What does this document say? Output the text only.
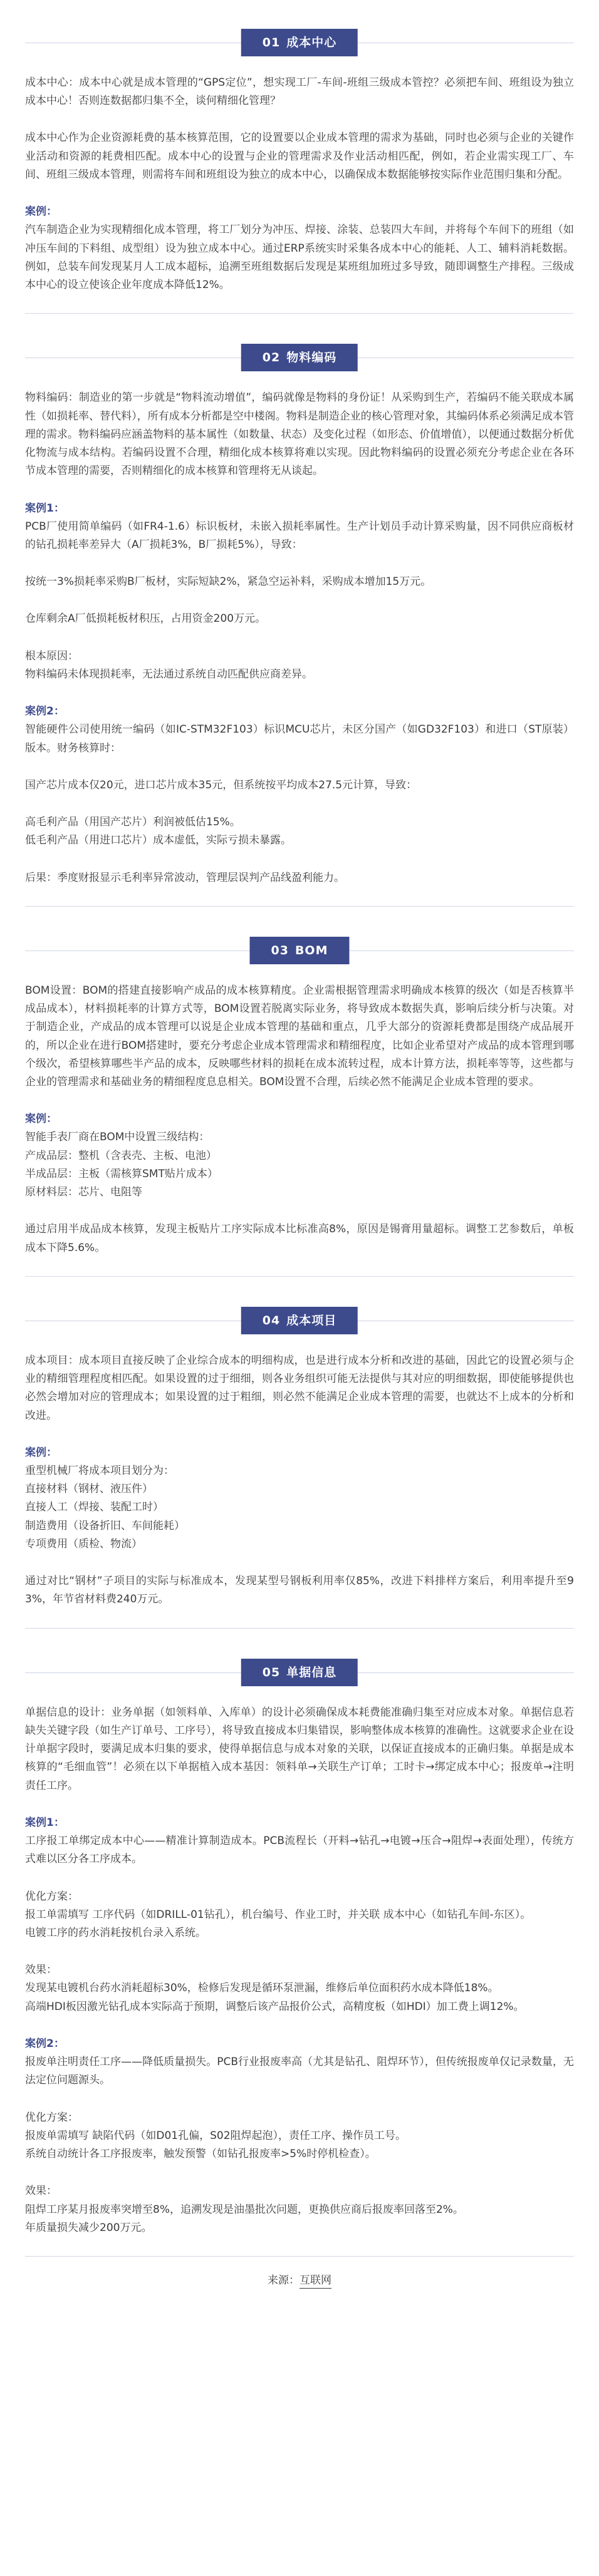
01 成本中心

成本中心：成本中心就是成本管理的“GPS定位”，想实现工厂-车间-班组三级成本管控？必须把车间、班组设为独立成本中心！否则连数据都归集不全，谈何精细化管理？

成本中心作为企业资源耗费的基本核算范围，它的设置要以企业成本管理的需求为基础，同时也必须与企业的关键作业活动和资源的耗费相匹配。成本中心的设置与企业的管理需求及作业活动相匹配，例如，若企业需实现工厂、车间、班组三级成本管理，则需将车间和班组设为独立的成本中心，以确保成本数据能够按实际作业范围归集和分配。

案例：

汽车制造企业为实现精细化成本管理，将工厂划分为冲压、焊接、涂装、总装四大车间，并将每个车间下的班组（如冲压车间的下料组、成型组）设为独立成本中心。通过ERP系统实时采集各成本中心的能耗、人工、辅料消耗数据。例如，总装车间发现某月人工成本超标，追溯至班组数据后发现是某班组加班过多导致，随即调整生产排程。三级成本中心的设立使该企业年度成本降低12%。

02 物料编码

物料编码：制造业的第一步就是“物料流动增值”，编码就像是物料的身份证！从采购到生产，若编码不能关联成本属性（如损耗率、替代料），所有成本分析都是空中楼阁。物料是制造企业的核心管理对象，其编码体系必须满足成本管理的需求。物料编码应涵盖物料的基本属性（如数量、状态）及变化过程（如形态、价值增值），以便通过数据分析优化物流与成本结构。若编码设置不合理，精细化成本核算将难以实现。因此物料编码的设置必须充分考虑企业在各环节成本管理的需要，否则精细化的成本核算和管理将无从谈起。

案例1：

PCB厂使用简单编码（如FR4-1.6）标识板材，未嵌入损耗率属性。生产计划员手动计算采购量，因不同供应商板材的钻孔损耗率差异大（A厂损耗3%，B厂损耗5%），导致：

按统一3%损耗率采购B厂板材，实际短缺2%，紧急空运补料，采购成本增加15万元。

仓库剩余A厂低损耗板材积压，占用资金200万元。

根本原因：

物料编码未体现损耗率，无法通过系统自动匹配供应商差异。

案例2：

智能硬件公司使用统一编码（如IC-STM32F103）标识MCU芯片，未区分国产（如GD32F103）和进口（ST原装）版本。财务核算时：

国产芯片成本仅20元，进口芯片成本35元，但系统按平均成本27.5元计算，导致：

高毛利产品（用国产芯片）利润被低估15%。

低毛利产品（用进口芯片）成本虚低，实际亏损未暴露。

后果：季度财报显示毛利率异常波动，管理层误判产品线盈利能力。

03 BOM

BOM设置：BOM的搭建直接影响产成品的成本核算精度。企业需根据管理需求明确成本核算的级次（如是否核算半成品成本），材料损耗率的计算方式等，BOM设置若脱离实际业务，将导致成本数据失真，影响后续分析与决策。对于制造企业，产成品的成本管理可以说是企业成本管理的基础和重点，几乎大部分的资源耗费都是围绕产成品展开的，所以企业在进行BOM搭建时，要充分考虑企业成本管理需求和精细程度，比如企业希望对产成品的成本管理到哪个级次，希望核算哪些半产品的成本，反映哪些材料的损耗在成本流转过程，成本计算方法，损耗率等等，这些都与企业的管理需求和基础业务的精细程度息息相关。BOM设置不合理，后续必然不能满足企业成本管理的要求。

案例：
智能手表厂商在BOM中设置三级结构：
产成品层：整机（含表壳、主板、电池）
半成品层：主板（需核算SMT贴片成本）
原材料层：芯片、电阻等

通过启用半成品成本核算，发现主板贴片工序实际成本比标准高8%，原因是锡膏用量超标。调整工艺参数后，单板成本下降5.6%。

04 成本项目

成本项目：成本项目直接反映了企业综合成本的明细构成，也是进行成本分析和改进的基础，因此它的设置必须与企业的精细管理程度相匹配。如果设置的过于细细，则各业务组织可能无法提供与其对应的明细数据，即使能够提供也必然会增加对应的管理成本；如果设置的过于粗细，则必然不能满足企业成本管理的需要，也就达不上成本的分析和改进。

案例：
重型机械厂将成本项目划分为：
直接材料（钢材、液压件）
直接人工（焊接、装配工时）
制造费用（设备折旧、车间能耗）
专项费用（质检、物流）

通过对比“钢材”子项目的实际与标准成本，发现某型号钢板利用率仅85%，改进下料排样方案后，利用率提升至93%，年节省材料费240万元。

05 单据信息

单据信息的设计：业务单据（如领料单、入库单）的设计必须确保成本耗费能准确归集至对应成本对象。单据信息若缺失关键字段（如生产订单号、工序号），将导致直接成本归集错误，影响整体成本核算的准确性。这就要求企业在设计单据字段时，要满足成本归集的要求，使得单据信息与成本对象的关联，以保证直接成本的正确归集。单据是成本核算的“毛细血管”！必须在以下单据植入成本基因：领料单→关联生产订单；工时卡→绑定成本中心；报废单→注明责任工序。

案例1：

工序报工单绑定成本中心——精准计算制造成本。PCB流程长（开料→钻孔→电镀→压合→阻焊→表面处理），传统方式难以区分各工序成本。

优化方案：
报工单需填写 工序代码（如DRILL-01钻孔），机台编号、作业工时，并关联 成本中心（如钻孔车间-东区）。
电镀工序的药水消耗按机台录入系统。
效果：
发现某电镀机台药水消耗超标30%，检修后发现是循环泵泄漏，维修后单位面积药水成本降低18%。
高端HDI板因激光钻孔成本实际高于预期，调整后该产品报价公式，高精度板（如HDI）加工费上调12%。
案例2：

报废单注明责任工序——降低质量损失。PCB行业报废率高（尤其是钻孔、阻焊环节），但传统报废单仅记录数量，无法定位问题源头。

优化方案：
报废单需填写 缺陷代码（如D01孔偏，S02阻焊起泡），责任工序、操作员工号。
系统自动统计各工序报废率，触发预警（如钻孔报废率>5%时停机检查）。
效果：
阻焊工序某月报废率突增至8%，追溯发现是油墨批次问题，更换供应商后报废率回落至2%。
年质量损失减少200万元。
来源：互联网
